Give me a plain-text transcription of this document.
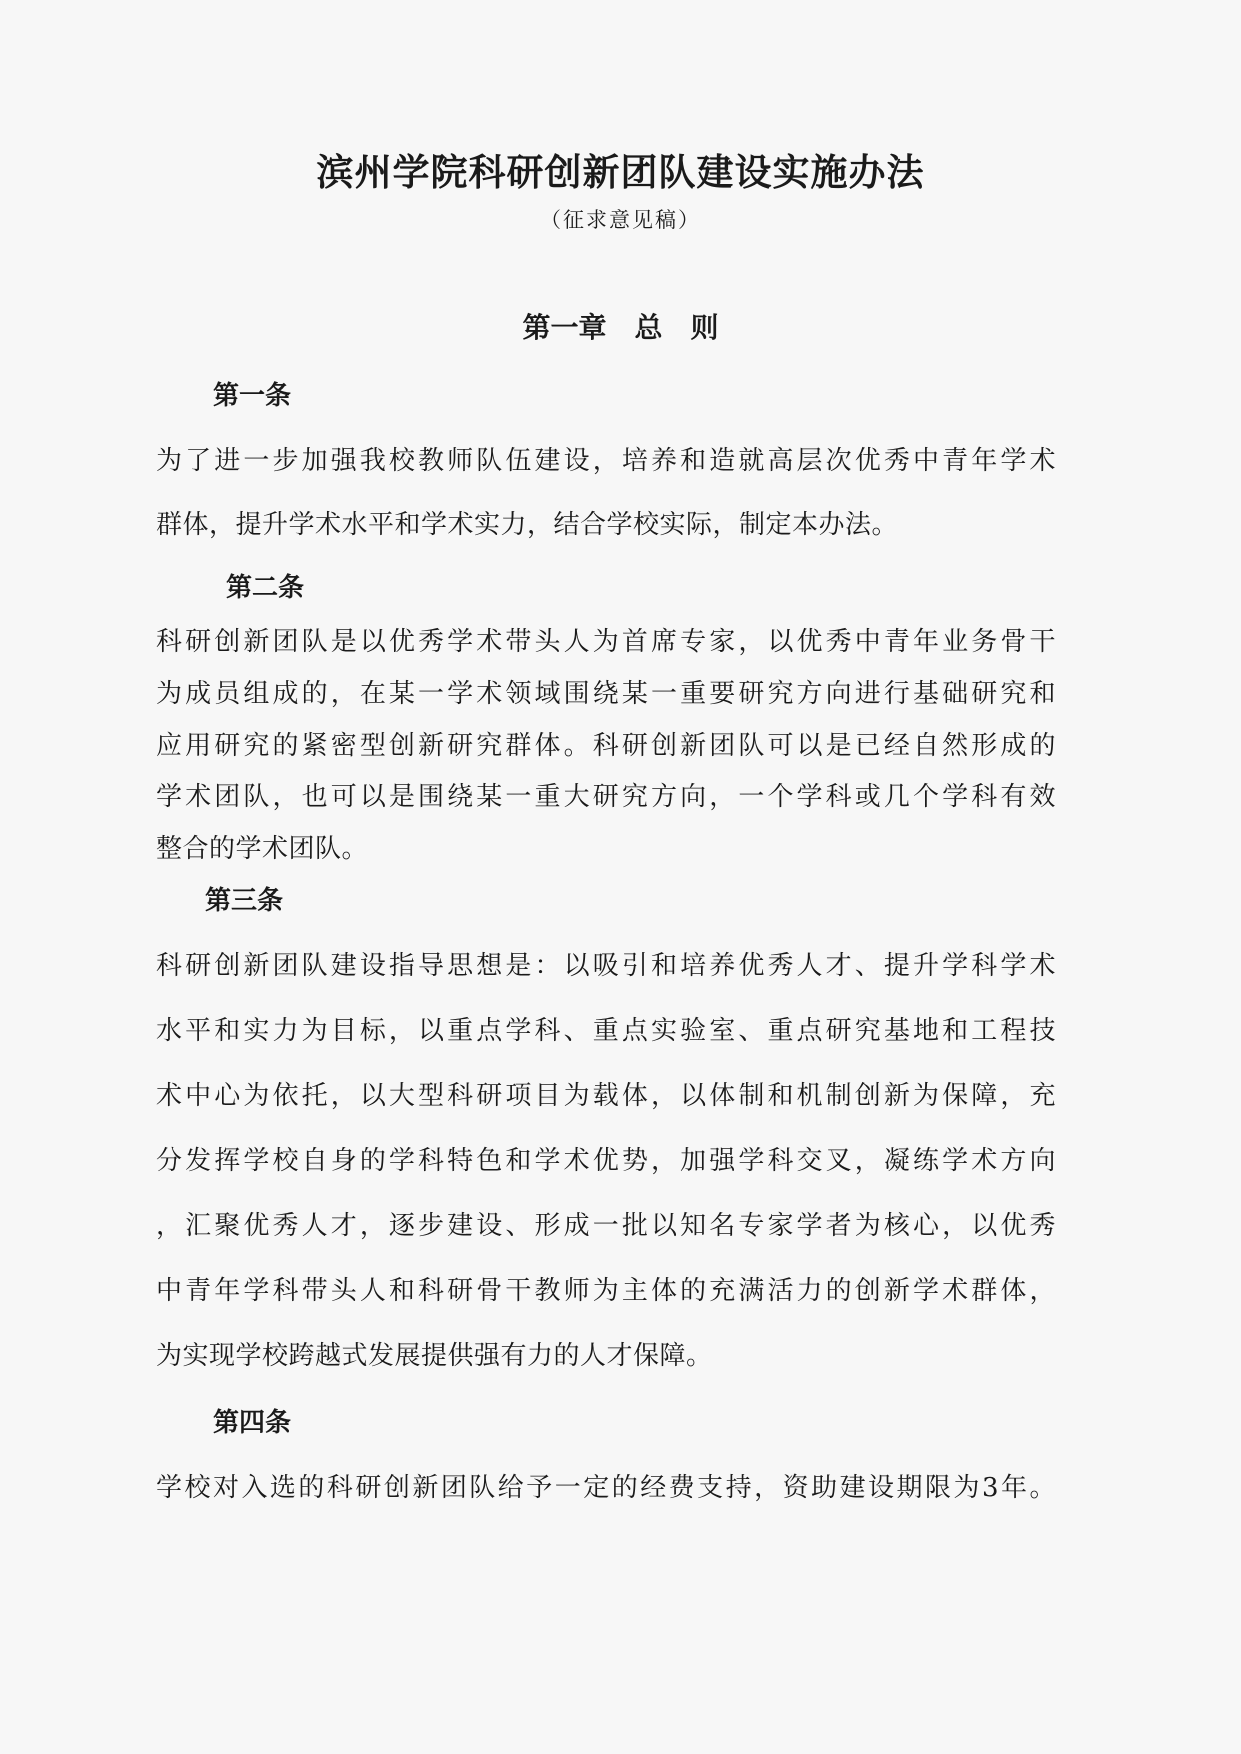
滨州学院科研创新团队建设实施办法
（征求意见稿）
第一章　总　则
第一条
为了进一步加强我校教师队伍建设，培养和造就高层次优秀中青年学术
群体，提升学术水平和学术实力，结合学校实际，制定本办法。
第二条
科研创新团队是以优秀学术带头人为首席专家，以优秀中青年业务骨干
为成员组成的，在某一学术领域围绕某一重要研究方向进行基础研究和
应用研究的紧密型创新研究群体。科研创新团队可以是已经自然形成的
学术团队，也可以是围绕某一重大研究方向，一个学科或几个学科有效
整合的学术团队。
第三条
科研创新团队建设指导思想是：以吸引和培养优秀人才、提升学科学术
水平和实力为目标，以重点学科、重点实验室、重点研究基地和工程技
术中心为依托，以大型科研项目为载体，以体制和机制创新为保障，充
分发挥学校自身的学科特色和学术优势，加强学科交叉，凝练学术方向
，汇聚优秀人才，逐步建设、形成一批以知名专家学者为核心，以优秀
中青年学科带头人和科研骨干教师为主体的充满活力的创新学术群体，
为实现学校跨越式发展提供强有力的人才保障。
第四条
学校对入选的科研创新团队给予一定的经费支持，资助建设期限为3年。
